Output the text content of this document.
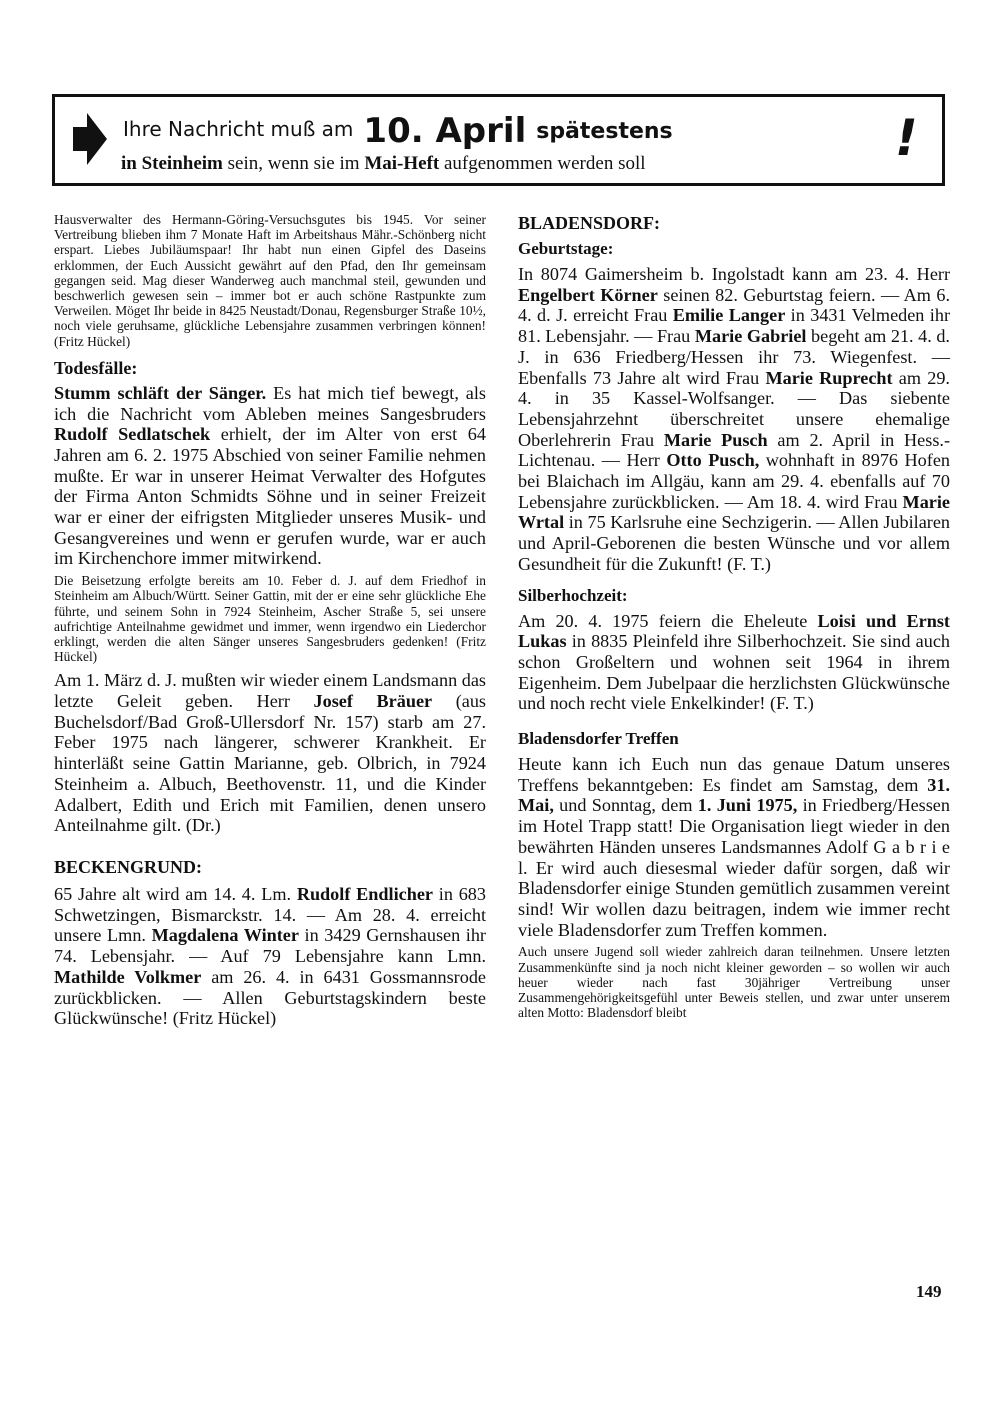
Ihre Nachricht muß am 10. April spätestens
in Steinheim sein, wenn sie im Mai-Heft aufgenommen werden soll	!

Hausverwalter des Hermann-Göring-Versuchsgutes bis 1945. Vor seiner Vertreibung blieben ihm 7 Monate Haft im Arbeitshaus Mähr.-Schönberg nicht erspart. Liebes Jubiläumspaar! Ihr habt nun einen Gipfel des Daseins erklommen, der Euch Aussicht gewährt auf den Pfad, den Ihr gemeinsam gegangen seid. Mag dieser Wanderweg auch manchmal steil, gewunden und beschwerlich gewesen sein – immer bot er auch schöne Rastpunkte zum Verweilen. Möget Ihr beide in 8425 Neustadt/Donau, Regensburger Straße 10½, noch viele geruhsame, glückliche Lebensjahre zusammen verbringen können! (Fritz Hückel)

Todesfälle:

Stumm schläft der Sänger. Es hat mich tief bewegt, als ich die Nachricht vom Ableben meines Sangesbruders Rudolf Sedlatschek erhielt, der im Alter von erst 64 Jahren am 6. 2. 1975 Abschied von seiner Familie nehmen mußte. Er war in unserer Heimat Verwalter des Hofgutes der Firma Anton Schmidts Söhne und in seiner Freizeit war er einer der eifrigsten Mitglieder unseres Musik- und Gesangvereines und wenn er gerufen wurde, war er auch im Kirchenchore immer mitwirkend.

Die Beisetzung erfolgte bereits am 10. Feber d. J. auf dem Friedhof in Steinheim am Albuch/Württ. Seiner Gattin, mit der er eine sehr glückliche Ehe führte, und seinem Sohn in 7924 Steinheim, Ascher Straße 5, sei unsere aufrichtige Anteilnahme gewidmet und immer, wenn irgendwo ein Liederchor erklingt, werden die alten Sänger unseres Sangesbruders gedenken! (Fritz Hückel)

Am 1. März d. J. mußten wir wieder einem Landsmann das letzte Geleit geben. Herr Josef Bräuer (aus Buchelsdorf/Bad Groß-Ullersdorf Nr. 157) starb am 27. Feber 1975 nach längerer, schwerer Krankheit. Er hinterläßt seine Gattin Marianne, geb. Olbrich, in 7924 Steinheim a. Albuch, Beethovenstr. 11, und die Kinder Adalbert, Edith und Erich mit Familien, denen unsero Anteilnahme gilt. (Dr.)

BECKENGRUND:

65 Jahre alt wird am 14. 4. Lm. Rudolf Endlicher in 683 Schwetzingen, Bismarckstr. 14. — Am 28. 4. erreicht unsere Lmn. Magdalena Winter in 3429 Gernshausen ihr 74. Lebensjahr. — Auf 79 Lebensjahre kann Lmn. Mathilde Volkmer am 26. 4. in 6431 Gossmannsrode zurückblicken. — Allen Geburtstagskindern beste Glückwünsche! (Fritz Hückel)

BLADENSDORF:

Geburtstage:

In 8074 Gaimersheim b. Ingolstadt kann am 23. 4. Herr Engelbert Körner seinen 82. Geburtstag feiern. — Am 6. 4. d. J. erreicht Frau Emilie Langer in 3431 Velmeden ihr 81. Lebensjahr. — Frau Marie Gabriel begeht am 21. 4. d. J. in 636 Friedberg/Hessen ihr 73. Wiegenfest. — Ebenfalls 73 Jahre alt wird Frau Marie Ruprecht am 29. 4. in 35 Kassel-Wolfsanger. — Das siebente Lebensjahrzehnt überschreitet unsere ehemalige Oberlehrerin Frau Marie Pusch am 2. April in Hess.-Lichtenau. — Herr Otto Pusch, wohnhaft in 8976 Hofen bei Blaichach im Allgäu, kann am 29. 4. ebenfalls auf 70 Lebensjahre zurückblicken. — Am 18. 4. wird Frau Marie Wrtal in 75 Karlsruhe eine Sechzigerin. — Allen Jubilaren und April-Geborenen die besten Wünsche und vor allem Gesundheit für die Zukunft! (F. T.)

Silberhochzeit:

Am 20. 4. 1975 feiern die Eheleute Loisi und Ernst Lukas in 8835 Pleinfeld ihre Silberhochzeit. Sie sind auch schon Großeltern und wohnen seit 1964 in ihrem Eigenheim. Dem Jubelpaar die herzlichsten Glückwünsche und noch recht viele Enkelkinder! (F. T.)

Bladensdorfer Treffen

Heute kann ich Euch nun das genaue Datum unseres Treffens bekanntgeben: Es findet am Samstag, dem 31. Mai, und Sonntag, dem 1. Juni 1975, in Friedberg/Hessen im Hotel Trapp statt! Die Organisation liegt wieder in den bewährten Händen unseres Landsmannes Adolf G a b r i e l. Er wird auch diesesmal wieder dafür sorgen, daß wir Bladensdorfer einige Stunden gemütlich zusammen vereint sind! Wir wollen dazu beitragen, indem wie immer recht viele Bladensdorfer zum Treffen kommen.

Auch unsere Jugend soll wieder zahlreich daran teilnehmen. Unsere letzten Zusammenkünfte sind ja noch nicht kleiner geworden – so wollen wir auch heuer wieder nach fast 30jähriger Vertreibung unser Zusammengehörigkeitsgefühl unter Beweis stellen, und zwar unter unserem alten Motto: Bladensdorf bleibt

149
